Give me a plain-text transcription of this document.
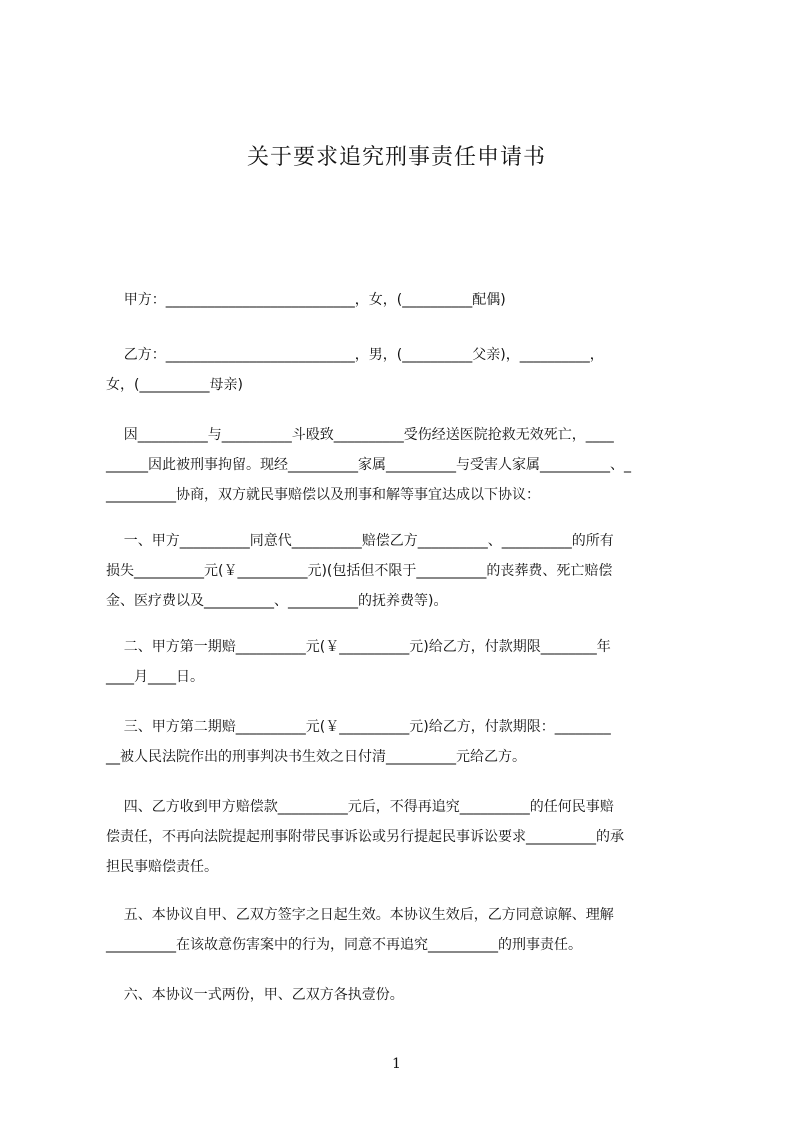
关于要求追究刑事责任申请书

甲方：___________________________，女，(__________配偶)

乙方：___________________________，男，(__________父亲)，__________，
女，(__________母亲)

因__________与__________斗殴致__________受伤经送医院抢救无效死亡，____
______因此被刑事拘留。现经__________家属__________与受害人家属__________、_
__________协商，双方就民事赔偿以及刑事和解等事宜达成以下协议：

一、甲方__________同意代__________赔偿乙方__________、__________的所有
损失__________元(￥__________元)(包括但不限于__________的丧葬费、死亡赔偿
金、医疗费以及__________、__________的抚养费等)。

二、甲方第一期赔__________元(￥__________元)给乙方，付款期限________年
____月____日。

三、甲方第二期赔__________元(￥__________元)给乙方，付款期限：________
__被人民法院作出的刑事判决书生效之日付清__________元给乙方。

四、乙方收到甲方赔偿款__________元后，不得再追究__________的任何民事赔
偿责任，不再向法院提起刑事附带民事诉讼或另行提起民事诉讼要求__________的承
担民事赔偿责任。

五、本协议自甲、乙双方签字之日起生效。本协议生效后，乙方同意谅解、理解
__________在该故意伤害案中的行为，同意不再追究__________的刑事责任。

六、本协议一式两份，甲、乙双方各执壹份。

1
